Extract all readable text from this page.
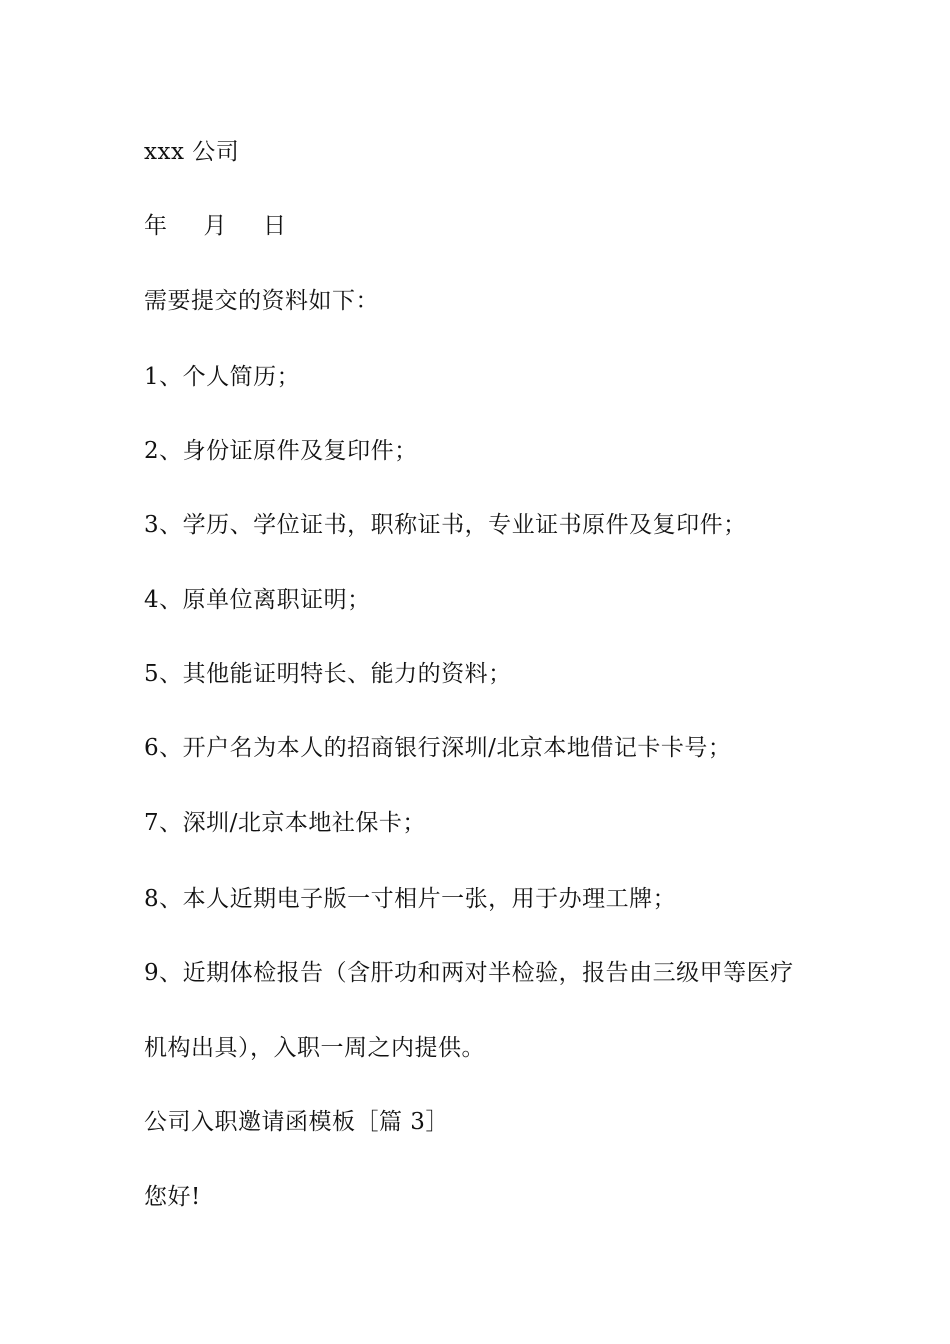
xxx 公司
年 月 日
需要提交的资料如下：
1、个人简历；
2、身份证原件及复印件；
3、学历、学位证书，职称证书，专业证书原件及复印件；
4、原单位离职证明；
5、其他能证明特长、能力的资料；
6、开户名为本人的招商银行深圳/北京本地借记卡卡号；
7、深圳/北京本地社保卡；
8、本人近期电子版一寸相片一张，用于办理工牌；
9、近期体检报告（含肝功和两对半检验，报告由三级甲等医疗
机构出具），入职一周之内提供。
公司入职邀请函模板［篇 3］
您好!
